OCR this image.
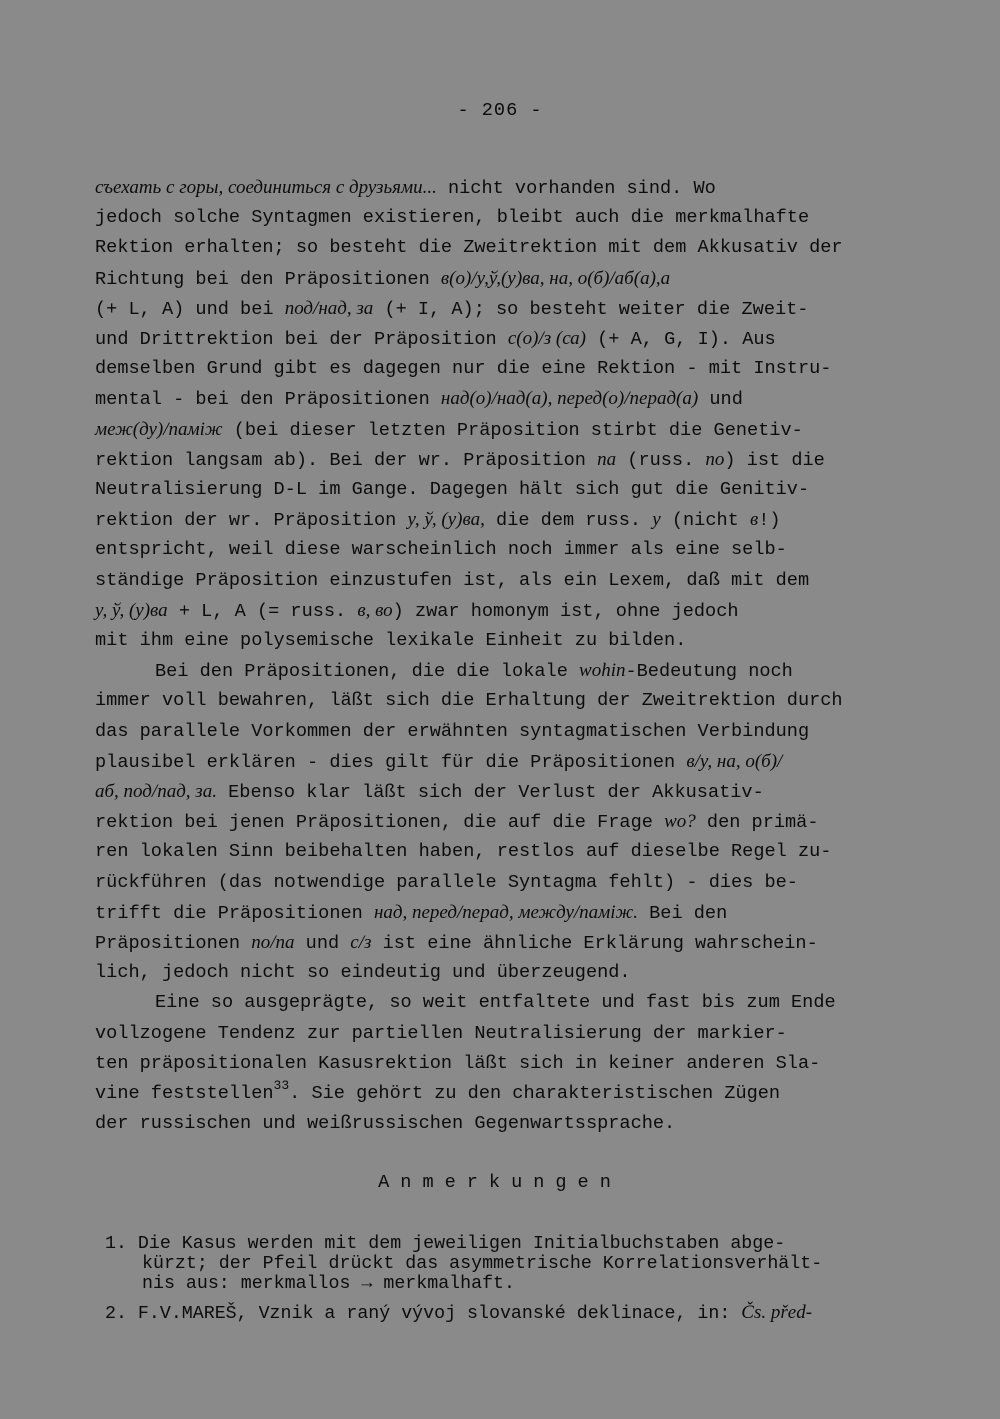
- 206 -
съехать с горы, соединиться с друзьями... nicht vorhanden sind. Wo
jedoch solche Syntagmen existieren, bleibt auch die merkmalhafte
Rektion erhalten; so besteht die Zweitrektion mit dem Akkusativ der
Richtung bei den Präpositionen в(о)/у,ў,(у)ва, на, о(б)/аб(а),а
(+ L, A) und bei под/над, за (+ I, A); so besteht weiter die Zweit-
und Drittrektion bei der Präposition с(о)/з (са) (+ A, G, I). Aus
demselben Grund gibt es dagegen nur die eine Rektion - mit Instru-
mental - bei den Präpositionen над(о)/над(а), перед(о)/перад(а) und
меж(ду)/памiж (bei dieser letzten Präposition stirbt die Genetiv-
rektion langsam ab). Bei der wr. Präposition па (russ. по) ist die
Neutralisierung D-L im Gange. Dagegen hält sich gut die Genitiv-
rektion der wr. Präposition у, ў, (у)ва, die dem russ. у (nicht в!)
entspricht, weil diese warscheinlich noch immer als eine selb-
ständige Präposition einzustufen ist, als ein Lexem, daß mit dem
у, ў, (у)ва + L, A (= russ. в, во) zwar homonym ist, ohne jedoch
mit ihm eine polysemische lexikale Einheit zu bilden.
Bei den Präpositionen, die die lokale wohin-Bedeutung noch
immer voll bewahren, läßt sich die Erhaltung der Zweitrektion durch
das parallele Vorkommen der erwähnten syntagmatischen Verbindung
plausibel erklären - dies gilt für die Präpositionen в/у, на, о(б)/
аб, под/пад, за. Ebenso klar läßt sich der Verlust der Akkusativ-
rektion bei jenen Präpositionen, die auf die Frage wo? den primä-
ren lokalen Sinn beibehalten haben, restlos auf dieselbe Regel zu-
rückführen (das notwendige parallele Syntagma fehlt) - dies be-
trifft die Präpositionen над, перед/перад, между/памiж. Bei den
Präpositionen по/па und с/з ist eine ähnliche Erklärung wahrschein-
lich, jedoch nicht so eindeutig und überzeugend.
Eine so ausgeprägte, so weit entfaltete und fast bis zum Ende
vollzogene Tendenz zur partiellen Neutralisierung der markier-
ten präpositionalen Kasusrektion läßt sich in keiner anderen Sla-
vine feststellen$^{33}$. Sie gehört zu den charakteristischen Zügen
der russischen und weißrussischen Gegenwartssprache.
Anmerkungen
1. Die Kasus werden mit dem jeweiligen Initialbuchstaben abge-
kürzt; der Pfeil drückt das asymmetrische Korrelationsverhält-
nis aus: merkmallos → merkmalhaft.
2. F.V.MAREŠ, Vznik a raný vývoj slovanské deklinace, in: Čs. před-
